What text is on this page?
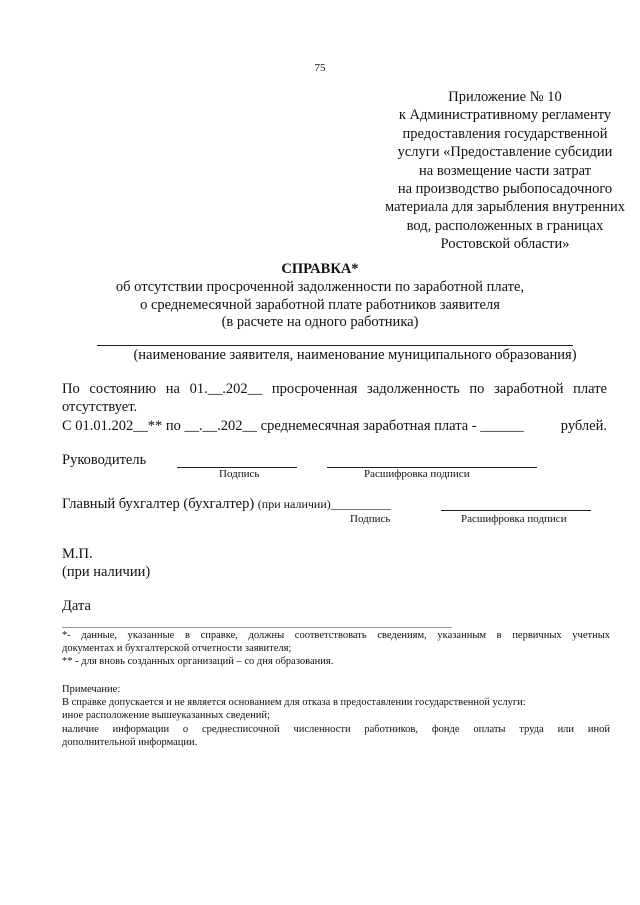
75
Приложение № 10
к Административному регламенту
предоставления государственной
услуги «Предоставление субсидии
на возмещение части затрат
на производство рыбопосадочного
материала для зарыбления внутренних
вод, расположенных в границах
Ростовской области»
СПРАВКА*
об отсутствии просроченной задолженности по заработной плате,
о среднемесячной заработной плате работников заявителя
(в расчете на одного работника)
(наименование заявителя, наименование муниципального образования)
По состоянию на 01.__.202__ просроченная задолженность по заработной плате
отсутствует.
С 01.01.202__** по __.__.202__ среднемесячная заработная плата - ______	рублей.
Руководитель
Подпись	Расшифровка подписи
Главный бухгалтер (бухгалтер) (при наличии)__________
Подпись	Расшифровка подписи
М.П.
(при наличии)
Дата
*- данные, указанные в справке, должны соответствовать сведениям, указанным в первичных учетных
документах и бухгалтерской отчетности заявителя;
** - для вновь созданных организаций – со дня образования.
Примечание:
В справке допускается и не является основанием для отказа в предоставлении государственной услуги:
иное расположение вышеуказанных сведений;
наличие информации о среднесписочной численности работников, фонде оплаты труда или иной
дополнительной информации.
